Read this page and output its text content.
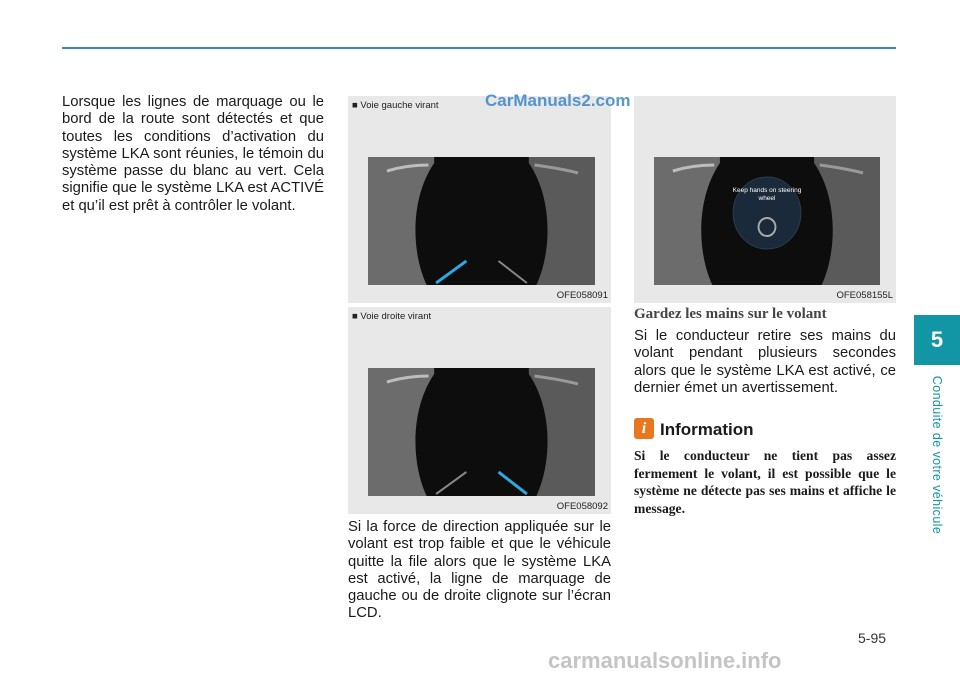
5
Conduite de votre véhicule

Lorsque les lignes de marquage ou le bord de la route sont détectés et que toutes les conditions d’activation du système LKA sont réunies, le témoin du système passe du blanc au vert. Cela signifie que le système LKA est ACTIVÉ et qu’il est prêt à contrôler le volant.

■ Voie gauche virant
OFE058091
■ Voie droite virant
OFE058092
Keep hands on steering wheel
OFE058155L

Si la force de direction appliquée sur le volant est trop faible et que le véhicule quitte la file alors que le système LKA est activé, la ligne de marquage de gauche ou de droite clignote sur l’écran LCD.

Gardez les mains sur le volant

Si le conducteur retire ses mains du volant pendant plusieurs secondes alors que le système LKA est activé, ce dernier émet un avertissement.

i Information

Si le conducteur ne tient pas assez fermement le volant, il est possible que le système ne détecte pas ses mains et affiche le message.

CarManuals2.com
5-95
carmanualsonline.info
